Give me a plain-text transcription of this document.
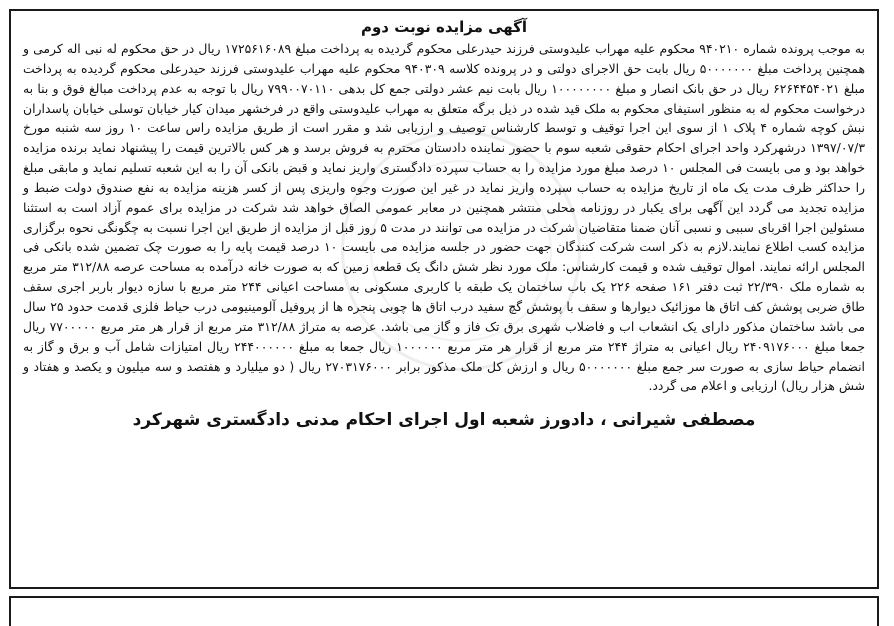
آگهی مزایده نوبت دوم

به موجب پرونده شماره ۹۴۰۲۱۰ محکوم علیه مهراب علیدوستی فرزند حیدرعلی محکوم گردیده به پرداخت مبلغ ۱۷۲۵۶۱۶۰۸۹ ریال در حق محکوم له نبی اله کرمی و همچنین پرداخت مبلغ ۵۰۰۰۰۰۰۰ ریال بابت حق الاجرای دولتی و در پرونده کلاسه ۹۴۰۳۰۹ محکوم علیه مهراب علیدوستی فرزند حیدرعلی محکوم گردیده به پرداخت مبلغ ۶۲۶۴۴۵۴۰۲۱ ریال در حق بانک انصار و مبلغ ۱۰۰۰۰۰۰۰۰ ریال بابت نیم عشر دولتی جمع کل بدهی ۷۹۹۰۰۷۰۱۱۰ ریال با توجه به عدم پرداخت مبالغ فوق و بنا به درخواست محکوم له به منظور استیفای محکوم به ملک قید شده در ذیل برگه متعلق به مهراب علیدوستی واقع در فرخشهر میدان کیار خیابان توسلی خیابان پاسداران نبش کوچه شماره ۴ پلاک ۱ از سوی این اجرا توقیف و توسط کارشناس توصیف و ارزیابی شد و مقرر است از طریق مزایده راس ساعت ۱۰ روز سه شنبه مورخ ۱۳۹۷/۰۷/۳ درشهرکرد واحد اجرای احکام حقوقی شعبه سوم با حضور نماینده دادستان محترم به فروش برسد و هر کس بالاترین قیمت را پیشنهاد نماید برنده مزایده خواهد بود و می بایست فی المجلس ۱۰ درصد مبلغ مورد مزایده را به حساب سپرده دادگستری واریز نماید و قبض بانکی آن را به این شعبه تسلیم نماید و مابقی مبلغ را حداکثر ظرف مدت یک ماه از تاریخ مزایده به حساب سپرده واریز نماید در غیر این صورت وجوه واریزی پس از کسر هزینه مزایده به نفع صندوق دولت ضبط و مزایده تجدید می گردد این آگهی برای یکبار در روزنامه محلی منتشر همچنین در معابر عمومی الصاق خواهد شد شرکت در مزایده برای عموم آزاد است به استثنا مسئولین اجرا اقربای سببی و نسبی آنان ضمنا متقاضیان شرکت در مزایده می توانند در مدت ۵ روز قبل از مزایده از طریق این اجرا نسبت به چگونگی نحوه برگزاری مزایده کسب اطلاع نمایند.لازم به ذکر است شرکت کنندگان جهت حضور در جلسه مزایده می بایست ۱۰ درصد قیمت پایه را به صورت چک تضمین شده بانکی فی المجلس ارائه نمایند. اموال توقیف شده و قیمت کارشناس: ملک مورد نظر شش دانگ یک قطعه زمین که به صورت خانه درآمده به مساحت عرصه ۳۱۲/۸۸ متر مربع به شماره ملک ۲۲/۳۹۰ ثبت دفتر ۱۶۱ صفحه ۲۲۶ یک باب ساختمان یک طبقه با کاربری مسکونی به مساحت اعیانی ۲۴۴ متر مربع با سازه دیوار باربر اجری سقف طاق ضربی پوشش کف اتاق ها موزائیک دیوارها و سقف با پوشش گچ سفید درب اتاق ها چوبی پنجره ها از پروفیل آلومینیومی درب حیاط فلزی قدمت حدود ۲۵ سال می باشد ساختمان مذکور دارای یک انشعاب اب و فاضلاب شهری برق تک فاز و گاز می باشد. عرصه به متراژ ۳۱۲/۸۸ متر مربع از قرار هر متر مربع ۷۷۰۰۰۰۰ ریال جمعا مبلغ ۲۴۰۹۱۷۶۰۰۰ ریال اعیانی به متراژ ۲۴۴ متر مربع از قرار هر متر مربع ۱۰۰۰۰۰۰ ریال جمعا به مبلغ ۲۴۴۰۰۰۰۰۰ ریال امتیازات شامل آب و برق و گاز به انضمام حیاط سازی به صورت سر جمع مبلغ ۵۰۰۰۰۰۰۰ ریال و ارزش کل ملک مذکور برابر ۲۷۰۳۱۷۶۰۰۰ ریال ( دو میلیارد و هفتصد و سه میلیون و یکصد و هفتاد و شش هزار ریال) ارزیابی و اعلام می گردد.

مصطفی شیرانی ، دادورز شعبه اول اجرای احکام مدنی دادگستری شهرکرد
